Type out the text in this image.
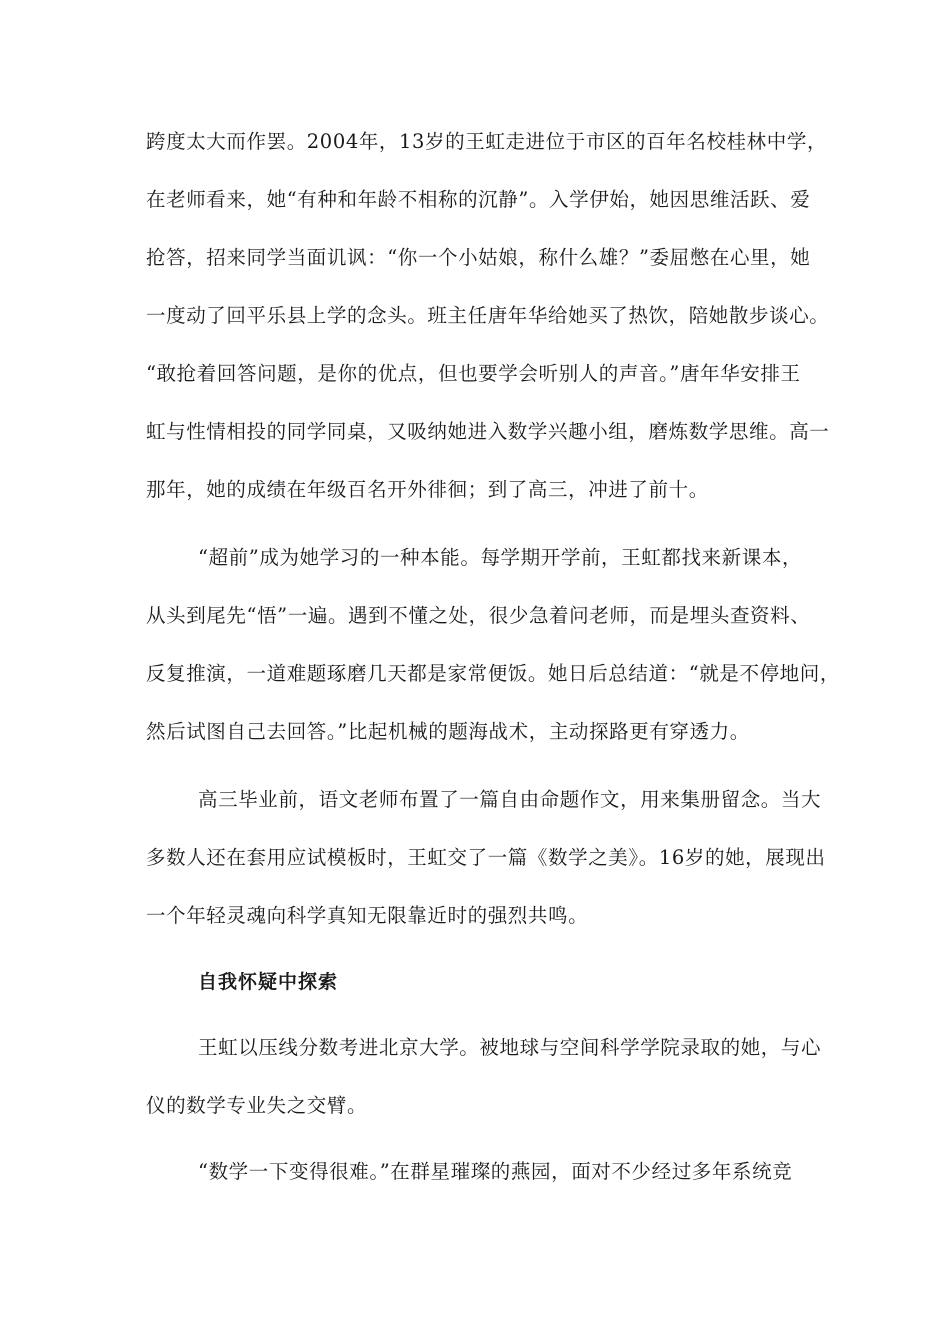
跨度太大而作罢。2004年，13岁的王虹走进位于市区的百年名校桂林中学，
在老师看来，她“有种和年龄不相称的沉静”。入学伊始，她因思维活跃、爱
抢答，招来同学当面讥讽：“你一个小姑娘，称什么雄？”委屈憋在心里，她
一度动了回平乐县上学的念头。班主任唐年华给她买了热饮，陪她散步谈心。
“敢抢着回答问题，是你的优点，但也要学会听别人的声音。”唐年华安排王
虹与性情相投的同学同桌，又吸纳她进入数学兴趣小组，磨炼数学思维。高一
那年，她的成绩在年级百名开外徘徊；到了高三，冲进了前十。
“超前”成为她学习的一种本能。每学期开学前，王虹都找来新课本，
从头到尾先“悟”一遍。遇到不懂之处，很少急着问老师，而是埋头查资料、
反复推演，一道难题琢磨几天都是家常便饭。她日后总结道：“就是不停地问，
然后试图自己去回答。”比起机械的题海战术，主动探路更有穿透力。
高三毕业前，语文老师布置了一篇自由命题作文，用来集册留念。当大
多数人还在套用应试模板时，王虹交了一篇《数学之美》。16岁的她，展现出
一个年轻灵魂向科学真知无限靠近时的强烈共鸣。
自我怀疑中探索
王虹以压线分数考进北京大学。被地球与空间科学学院录取的她，与心
仪的数学专业失之交臂。
“数学一下变得很难。”在群星璀璨的燕园，面对不少经过多年系统竞
